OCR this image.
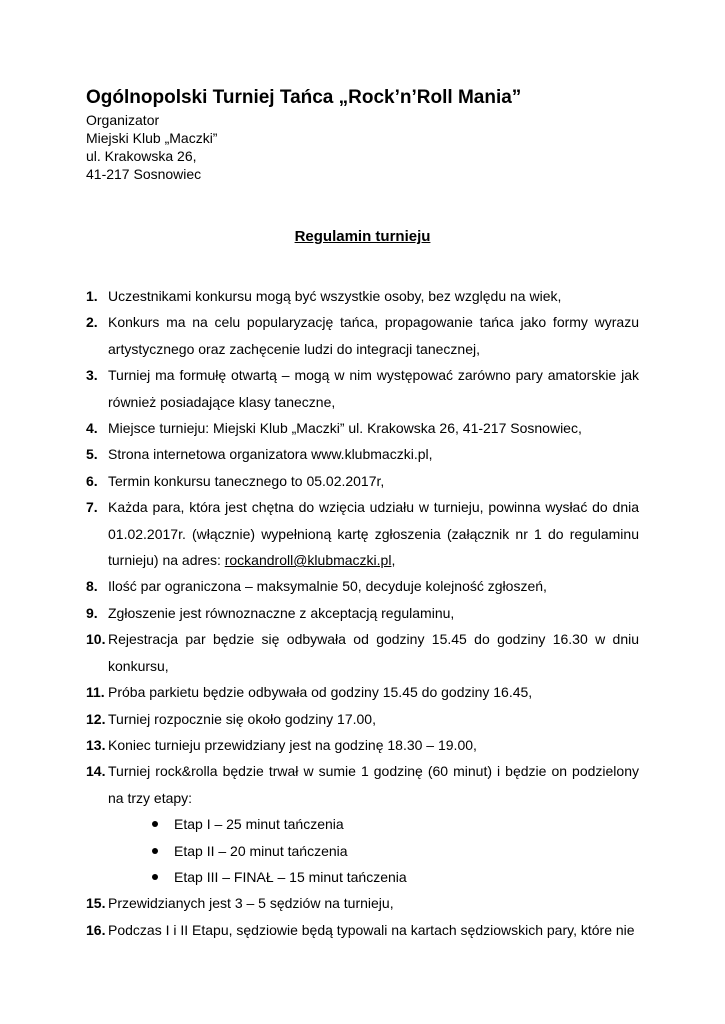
Ogólnopolski Turniej Tańca „Rock’n’Roll Mania”
Organizator
Miejski Klub „Maczki”
ul. Krakowska 26,
41-217 Sosnowiec
Regulamin turnieju
1. Uczestnikami konkursu mogą być wszystkie osoby, bez względu na wiek,
2. Konkurs ma na celu popularyzację tańca, propagowanie tańca jako formy wyrazu artystycznego oraz zachęcenie ludzi do integracji tanecznej,
3. Turniej ma formułę otwartą – mogą w nim występować zarówno pary amatorskie jak również posiadające klasy taneczne,
4. Miejsce turnieju: Miejski Klub „Maczki” ul. Krakowska 26, 41-217 Sosnowiec,
5. Strona internetowa organizatora www.klubmaczki.pl,
6. Termin konkursu tanecznego to 05.02.2017r,
7. Każda para, która jest chętna do wzięcia udziału w turnieju, powinna wysłać do dnia 01.02.2017r. (włącznie) wypełnioną kartę zgłoszenia (załącznik nr 1 do regulaminu turnieju) na adres: rockandroll@klubmaczki.pl,
8. Ilość par ograniczona – maksymalnie 50, decyduje kolejność zgłoszeń,
9. Zgłoszenie jest równoznaczne z akceptacją regulaminu,
10. Rejestracja par będzie się odbywała od godziny 15.45 do godziny 16.30 w dniu konkursu,
11. Próba parkietu będzie odbywała od godziny 15.45 do godziny 16.45,
12. Turniej rozpocznie się około godziny 17.00,
13. Koniec turnieju przewidziany jest na godzinę 18.30 – 19.00,
14. Turniej rock&rolla będzie trwał w sumie 1 godzinę (60 minut) i będzie on podzielony na trzy etapy:
Etap I – 25 minut tańczenia
Etap II – 20 minut tańczenia
Etap III – FINAŁ – 15 minut tańczenia
15. Przewidzianych jest 3 – 5 sędziów na turnieju,
16. Podczas I i II Etapu, sędziowie będą typowali na kartach sędziowskich pary, które nie
